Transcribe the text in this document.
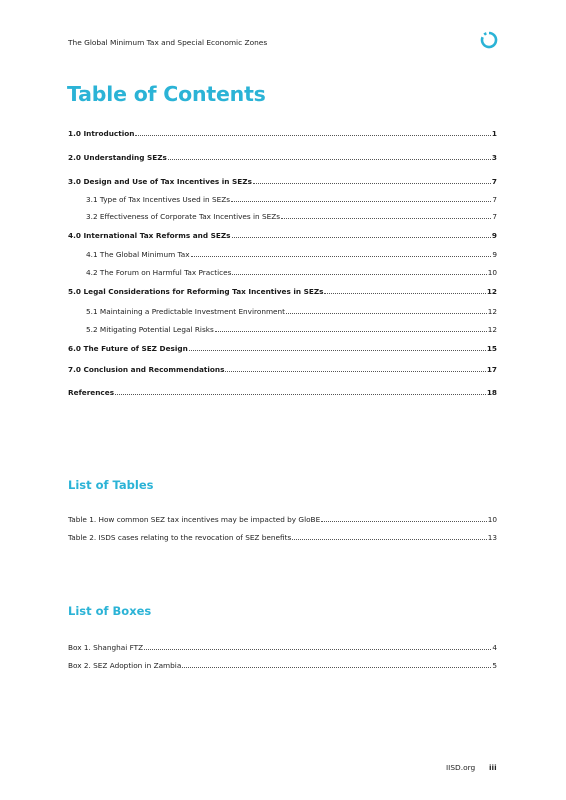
The Global Minimum Tax and Special Economic Zones
Table of Contents
1.0 Introduction	1
2.0 Understanding SEZs	3
3.0 Design and Use of Tax Incentives in SEZs	7
3.1 Type of Tax Incentives Used in SEZs	7
3.2 Effectiveness of Corporate Tax Incentives in SEZs	7
4.0 International Tax Reforms and SEZs	9
4.1 The Global Minimum Tax	9
4.2 The Forum on Harmful Tax Practices	10
5.0 Legal Considerations for Reforming Tax Incentives in SEZs	12
5.1 Maintaining a Predictable Investment Environment	12
5.2 Mitigating Potential Legal Risks	12
6.0 The Future of SEZ Design	15
7.0 Conclusion and Recommendations	17
References	18
List of Tables
Table 1. How common SEZ tax incentives may be impacted by GloBE	10
Table 2. ISDS cases relating to the revocation of SEZ benefits	13
List of Boxes
Box 1. Shanghai FTZ	4
Box 2. SEZ Adoption in Zambia	5
IISD.org iii
